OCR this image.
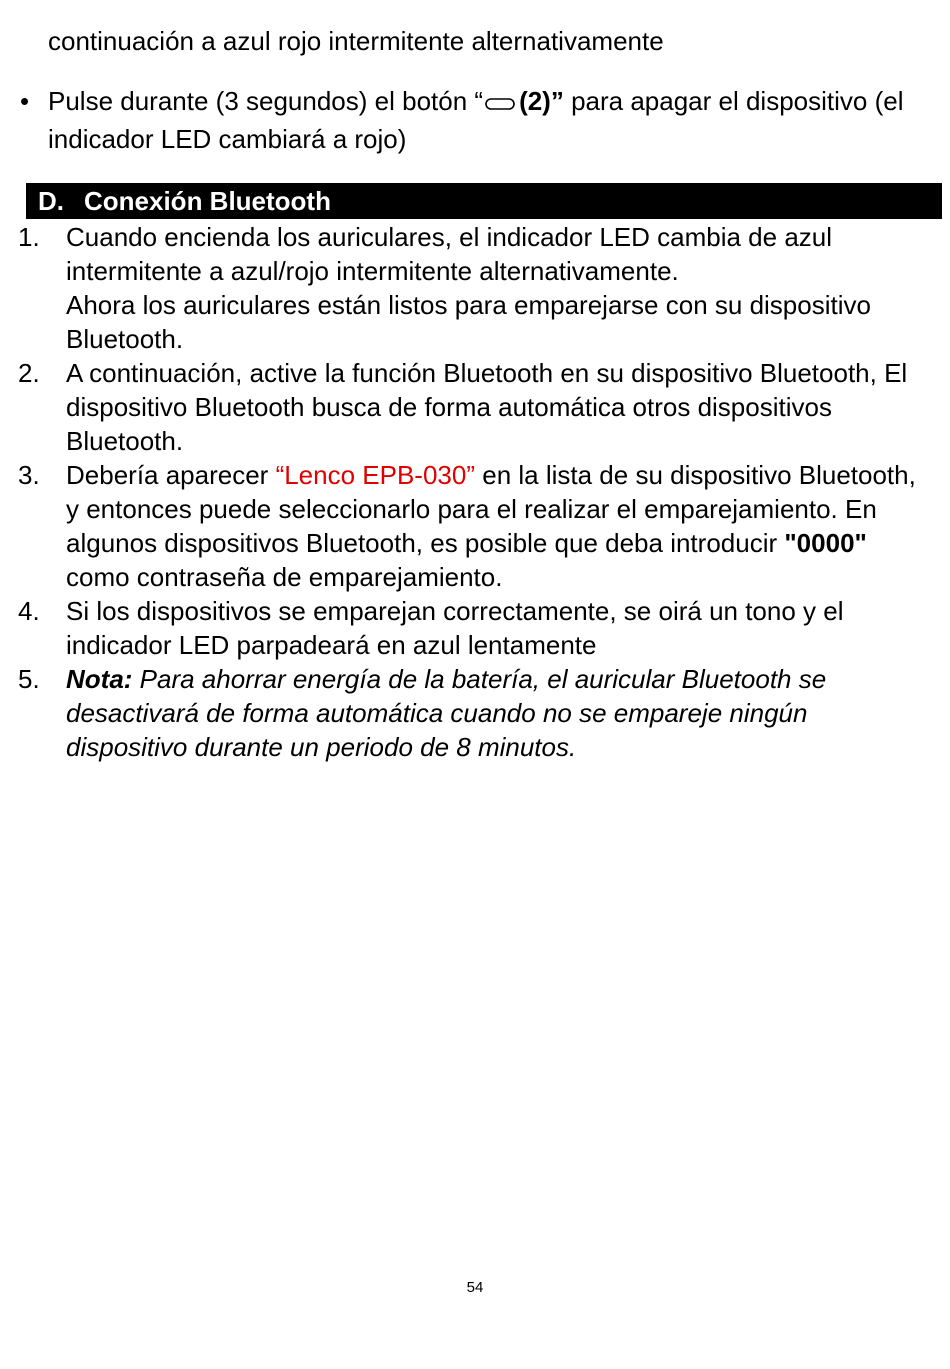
continuación a azul rojo intermitente alternativamente
• Pulse durante (3 segundos) el botón “ (2)” para apagar el dispositivo (el indicador LED cambiará a rojo)
D. Conexión Bluetooth
1. Cuando encienda los auriculares, el indicador LED cambia de azul intermitente a azul/rojo intermitente alternativamente.
Ahora los auriculares están listos para emparejarse con su dispositivo Bluetooth.
2. A continuación, active la función Bluetooth en su dispositivo Bluetooth, El dispositivo Bluetooth busca de forma automática otros dispositivos Bluetooth.
3. Debería aparecer “Lenco EPB-030” en la lista de su dispositivo Bluetooth, y entonces puede seleccionarlo para el realizar el emparejamiento. En algunos dispositivos Bluetooth, es posible que deba introducir "0000" como contraseña de emparejamiento.
4. Si los dispositivos se emparejan correctamente, se oirá un tono y el indicador LED parpadeará en azul lentamente
5. Nota: Para ahorrar energía de la batería, el auricular Bluetooth se desactivará de forma automática cuando no se empareje ningún dispositivo durante un periodo de 8 minutos.
54
